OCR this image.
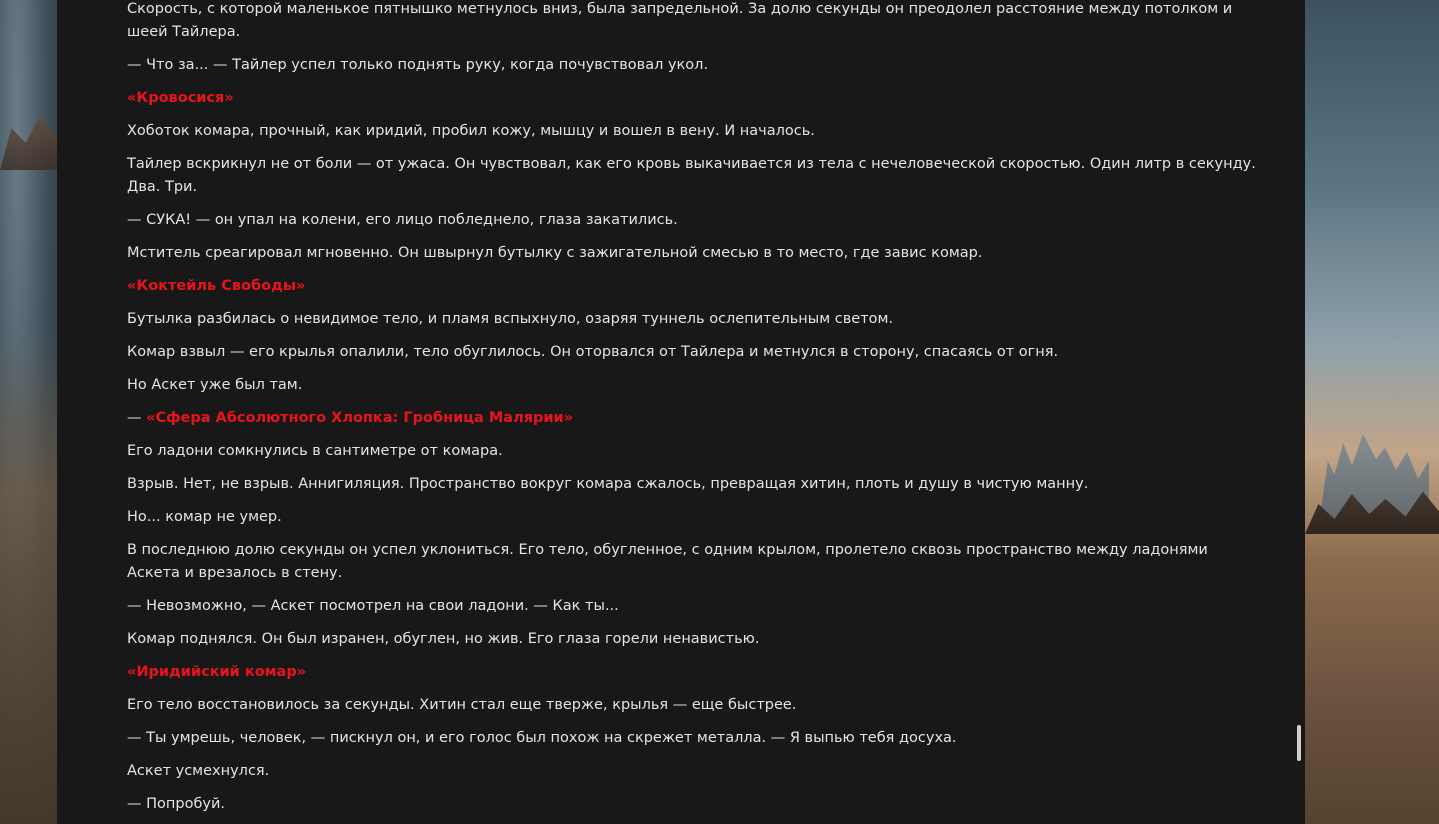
Скорость, с которой маленькое пятнышко метнулось вниз, была запредельной. За долю секунды он преодолел расстояние между потолком и шеей Тайлера.

— Что за... — Тайлер успел только поднять руку, когда почувствовал укол.

«Кровосися»

Хоботок комара, прочный, как иридий, пробил кожу, мышцу и вошел в вену. И началось.

Тайлер вскрикнул не от боли — от ужаса. Он чувствовал, как его кровь выкачивается из тела с нечеловеческой скоростью. Один литр в секунду. Два. Три.

— СУКА! — он упал на колени, его лицо побледнело, глаза закатились.

Мститель среагировал мгновенно. Он швырнул бутылку с зажигательной смесью в то место, где завис комар.

«Коктейль Свободы»

Бутылка разбилась о невидимое тело, и пламя вспыхнуло, озаряя туннель ослепительным светом.

Комар взвыл — его крылья опалили, тело обуглилось. Он оторвался от Тайлера и метнулся в сторону, спасаясь от огня.

Но Аскет уже был там.

— «Сфера Абсолютного Хлопка: Гробница Малярии»

Его ладони сомкнулись в сантиметре от комара.

Взрыв. Нет, не взрыв. Аннигиляция. Пространство вокруг комара сжалось, превращая хитин, плоть и душу в чистую манну.

Но... комар не умер.

В последнюю долю секунды он успел уклониться. Его тело, обугленное, с одним крылом, пролетело сквозь пространство между ладонями Аскета и врезалось в стену.

— Невозможно, — Аскет посмотрел на свои ладони. — Как ты...

Комар поднялся. Он был изранен, обуглен, но жив. Его глаза горели ненавистью.

«Иридийский комар»

Его тело восстановилось за секунды. Хитин стал еще тверже, крылья — еще быстрее.

— Ты умрешь, человек, — пискнул он, и его голос был похож на скрежет металла. — Я выпью тебя досуха.

Аскет усмехнулся.

— Попробуй.
